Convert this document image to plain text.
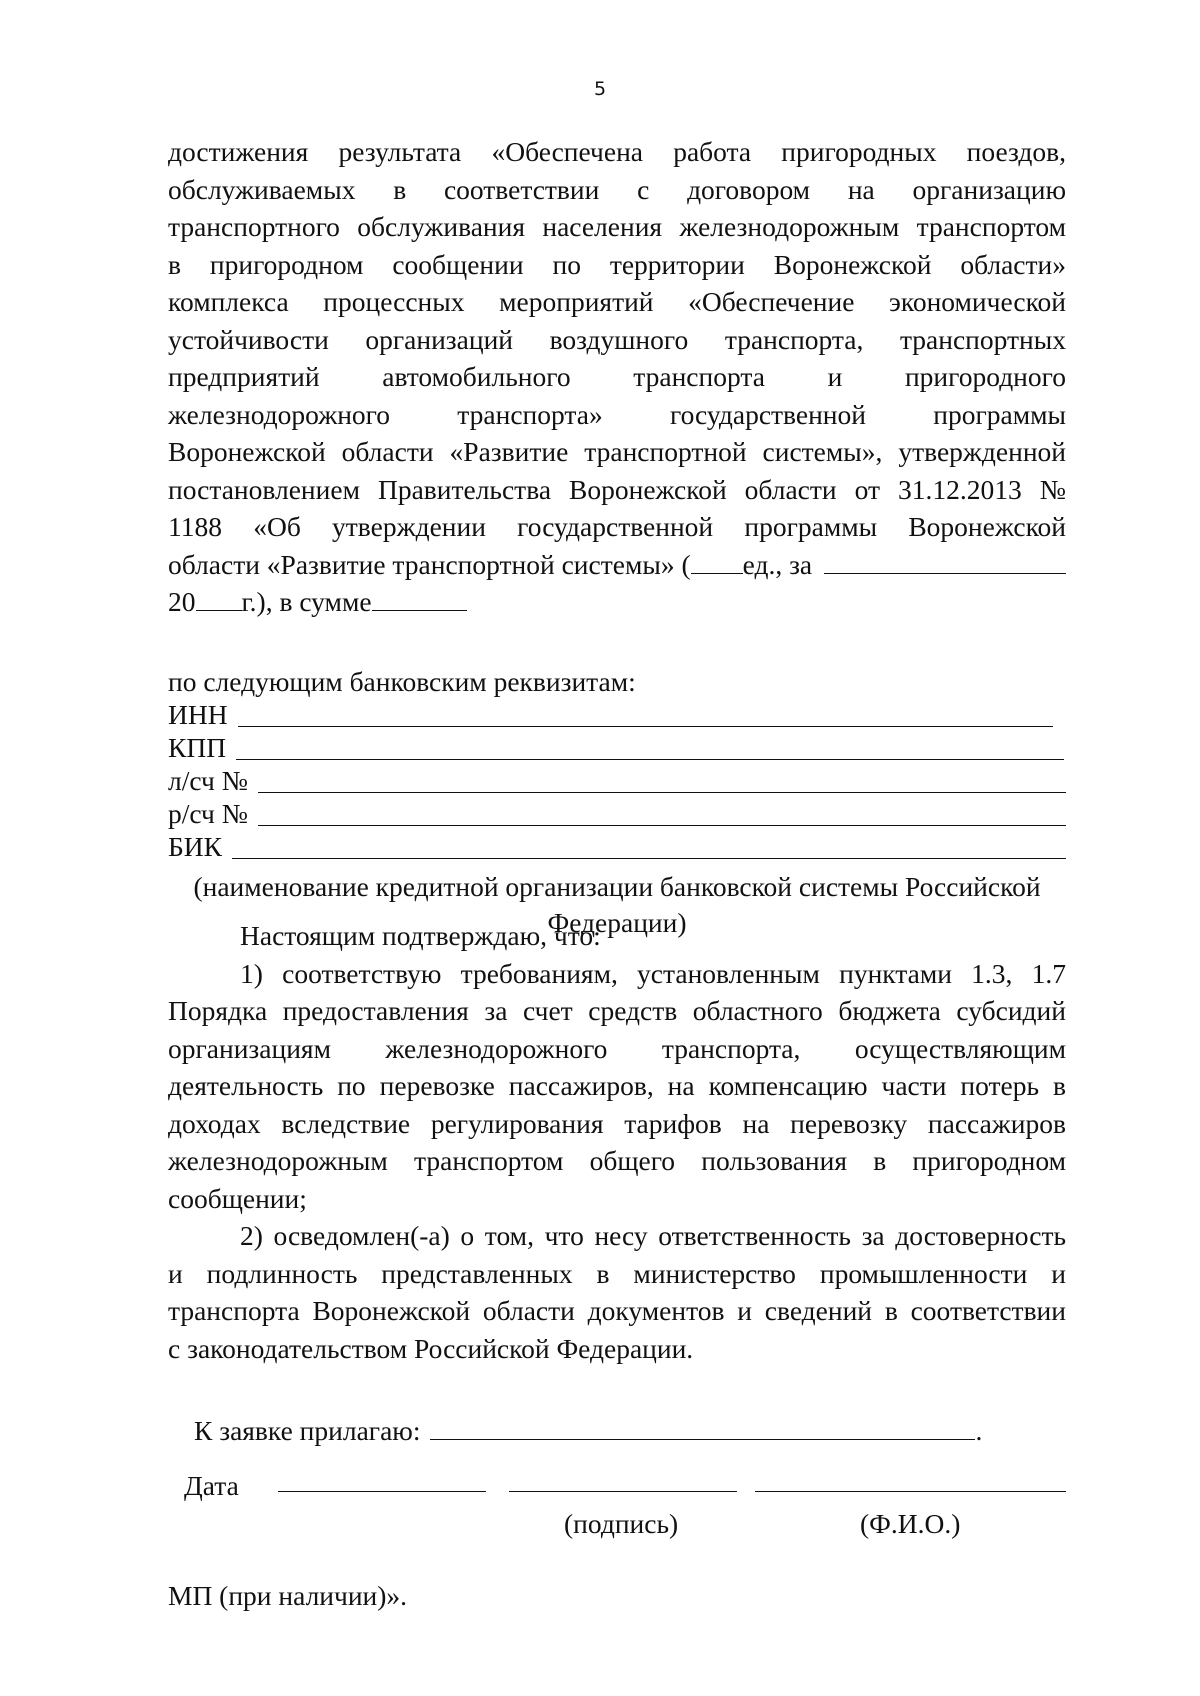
5
достижения результата «Обеспечена работа пригородных поездов,
обслуживаемых в соответствии с договором на организацию
транспортного обслуживания населения железнодорожным транспортом
в пригородном сообщении по территории Воронежской области»
комплекса процессных мероприятий «Обеспечение экономической
устойчивости организаций воздушного транспорта, транспортных
предприятий автомобильного транспорта и пригородного
железнодорожного транспорта» государственной программы
Воронежской области «Развитие транспортной системы», утвержденной
постановлением Правительства Воронежской области от 31.12.2013 №
1188 «Об утверждении государственной программы Воронежской
области «Развитие транспортной системы» ( ед., за
20 г.), в сумме
по следующим банковским реквизитам:
ИНН
КПП
л/сч №
р/сч №
БИК
(наименование кредитной организации банковской системы Российской
Федерации)
Настоящим подтверждаю, что:
1) соответствую требованиям, установленным пунктами 1.3, 1.7
Порядка предоставления за счет средств областного бюджета субсидий
организациям железнодорожного транспорта, осуществляющим
деятельность по перевозке пассажиров, на компенсацию части потерь в
доходах вследствие регулирования тарифов на перевозку пассажиров
железнодорожным транспортом общего пользования в пригородном
сообщении;
2) осведомлен(-а) о том, что несу ответственность за достоверность
и подлинность представленных в министерство промышленности и
транспорта Воронежской области документов и сведений в соответствии
с законодательством Российской Федерации.
К заявке прилагаю:	.
Дата
(подпись)	(Ф.И.О.)
МП (при наличии)».
